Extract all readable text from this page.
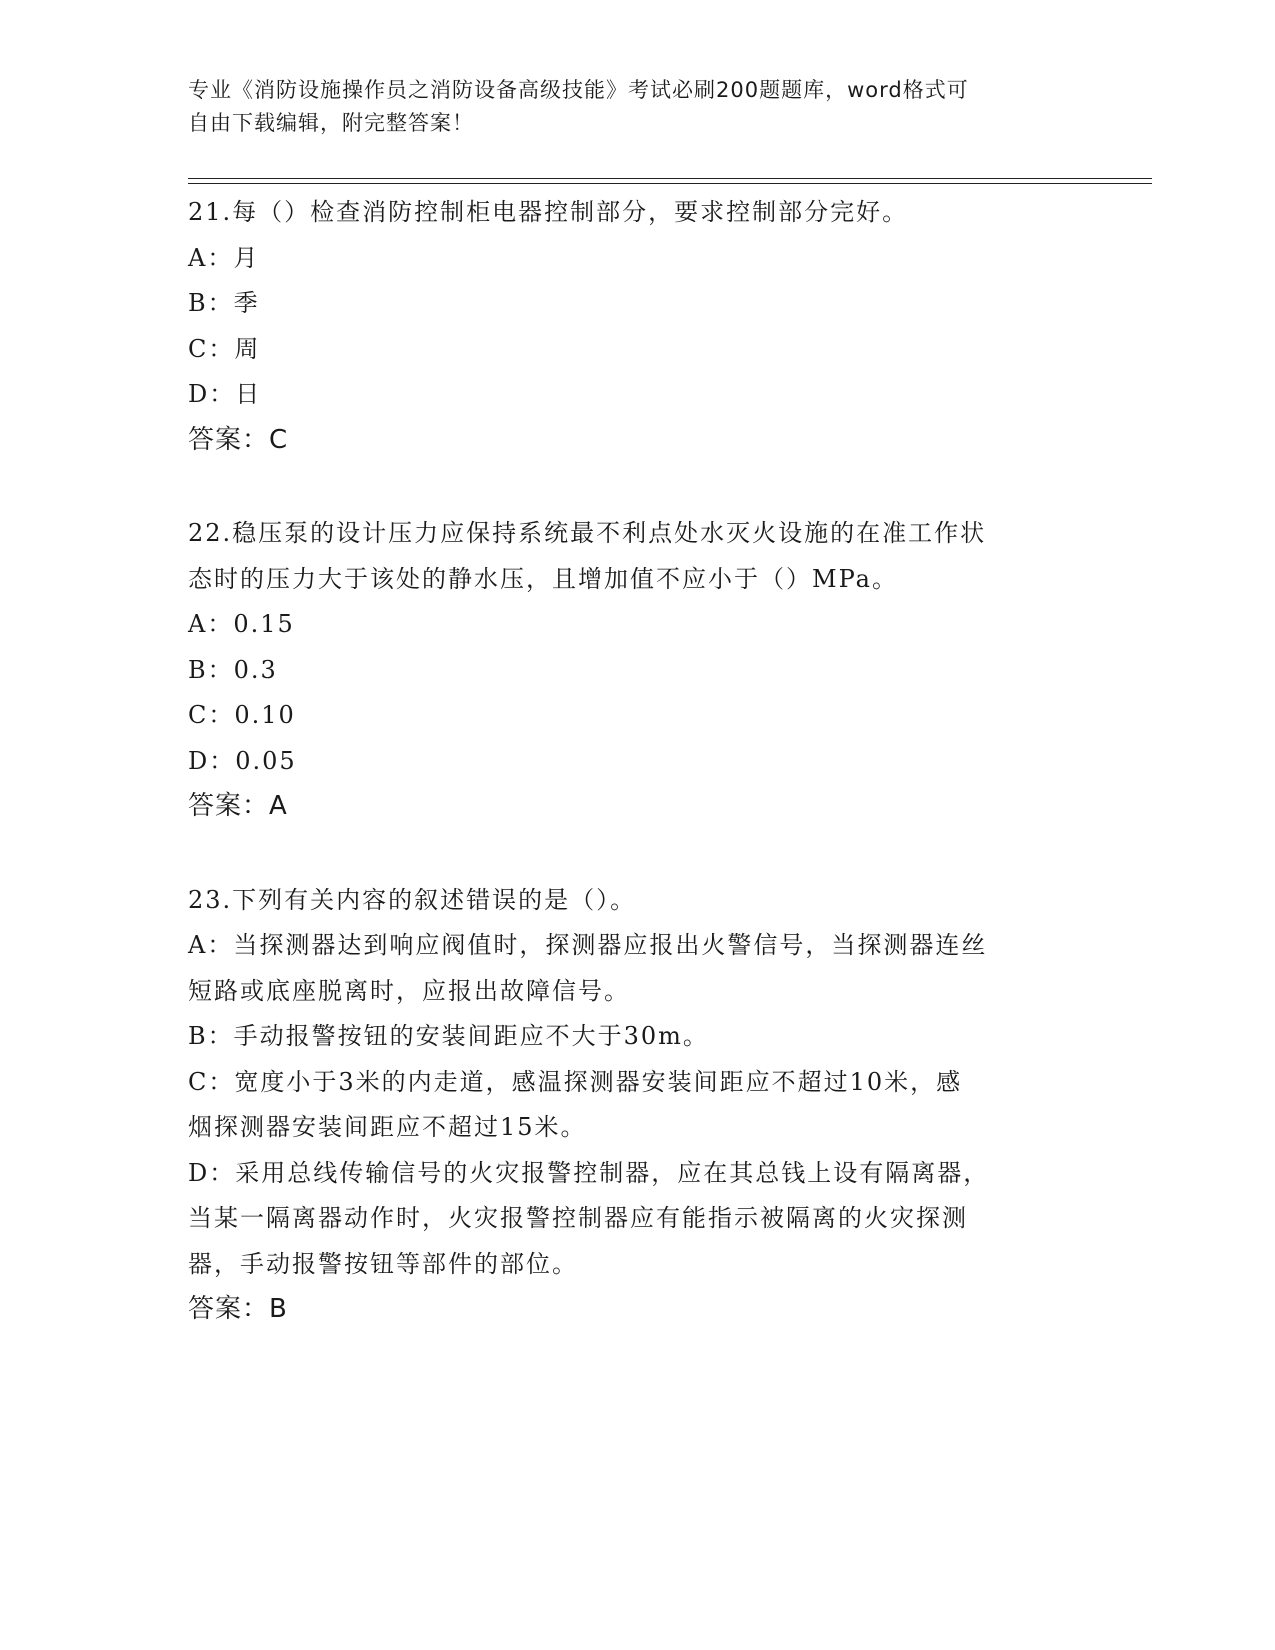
专业《消防设施操作员之消防设备高级技能》考试必刷200题题库，word格式可
自由下载编辑，附完整答案！
21.每（）检查消防控制柜电器控制部分，要求控制部分完好。
A：月
B：季
C：周
D：日
答案：C
22.稳压泵的设计压力应保持系统最不利点处水灭火设施的在准工作状
态时的压力大于该处的静水压，且增加值不应小于（）MPa。
A：0.15
B：0.3
C：0.10
D：0.05
答案：A
23.下列有关内容的叙述错误的是（）。
A：当探测器达到响应阀值时，探测器应报出火警信号，当探测器连丝
短路或底座脱离时，应报出故障信号。
B：手动报警按钮的安装间距应不大于30m。
C：宽度小于3米的内走道，感温探测器安装间距应不超过10米，感
烟探测器安装间距应不超过15米。
D：采用总线传输信号的火灾报警控制器，应在其总钱上设有隔离器，
当某一隔离器动作时，火灾报警控制器应有能指示被隔离的火灾探测
器，手动报警按钮等部件的部位。
答案：B
